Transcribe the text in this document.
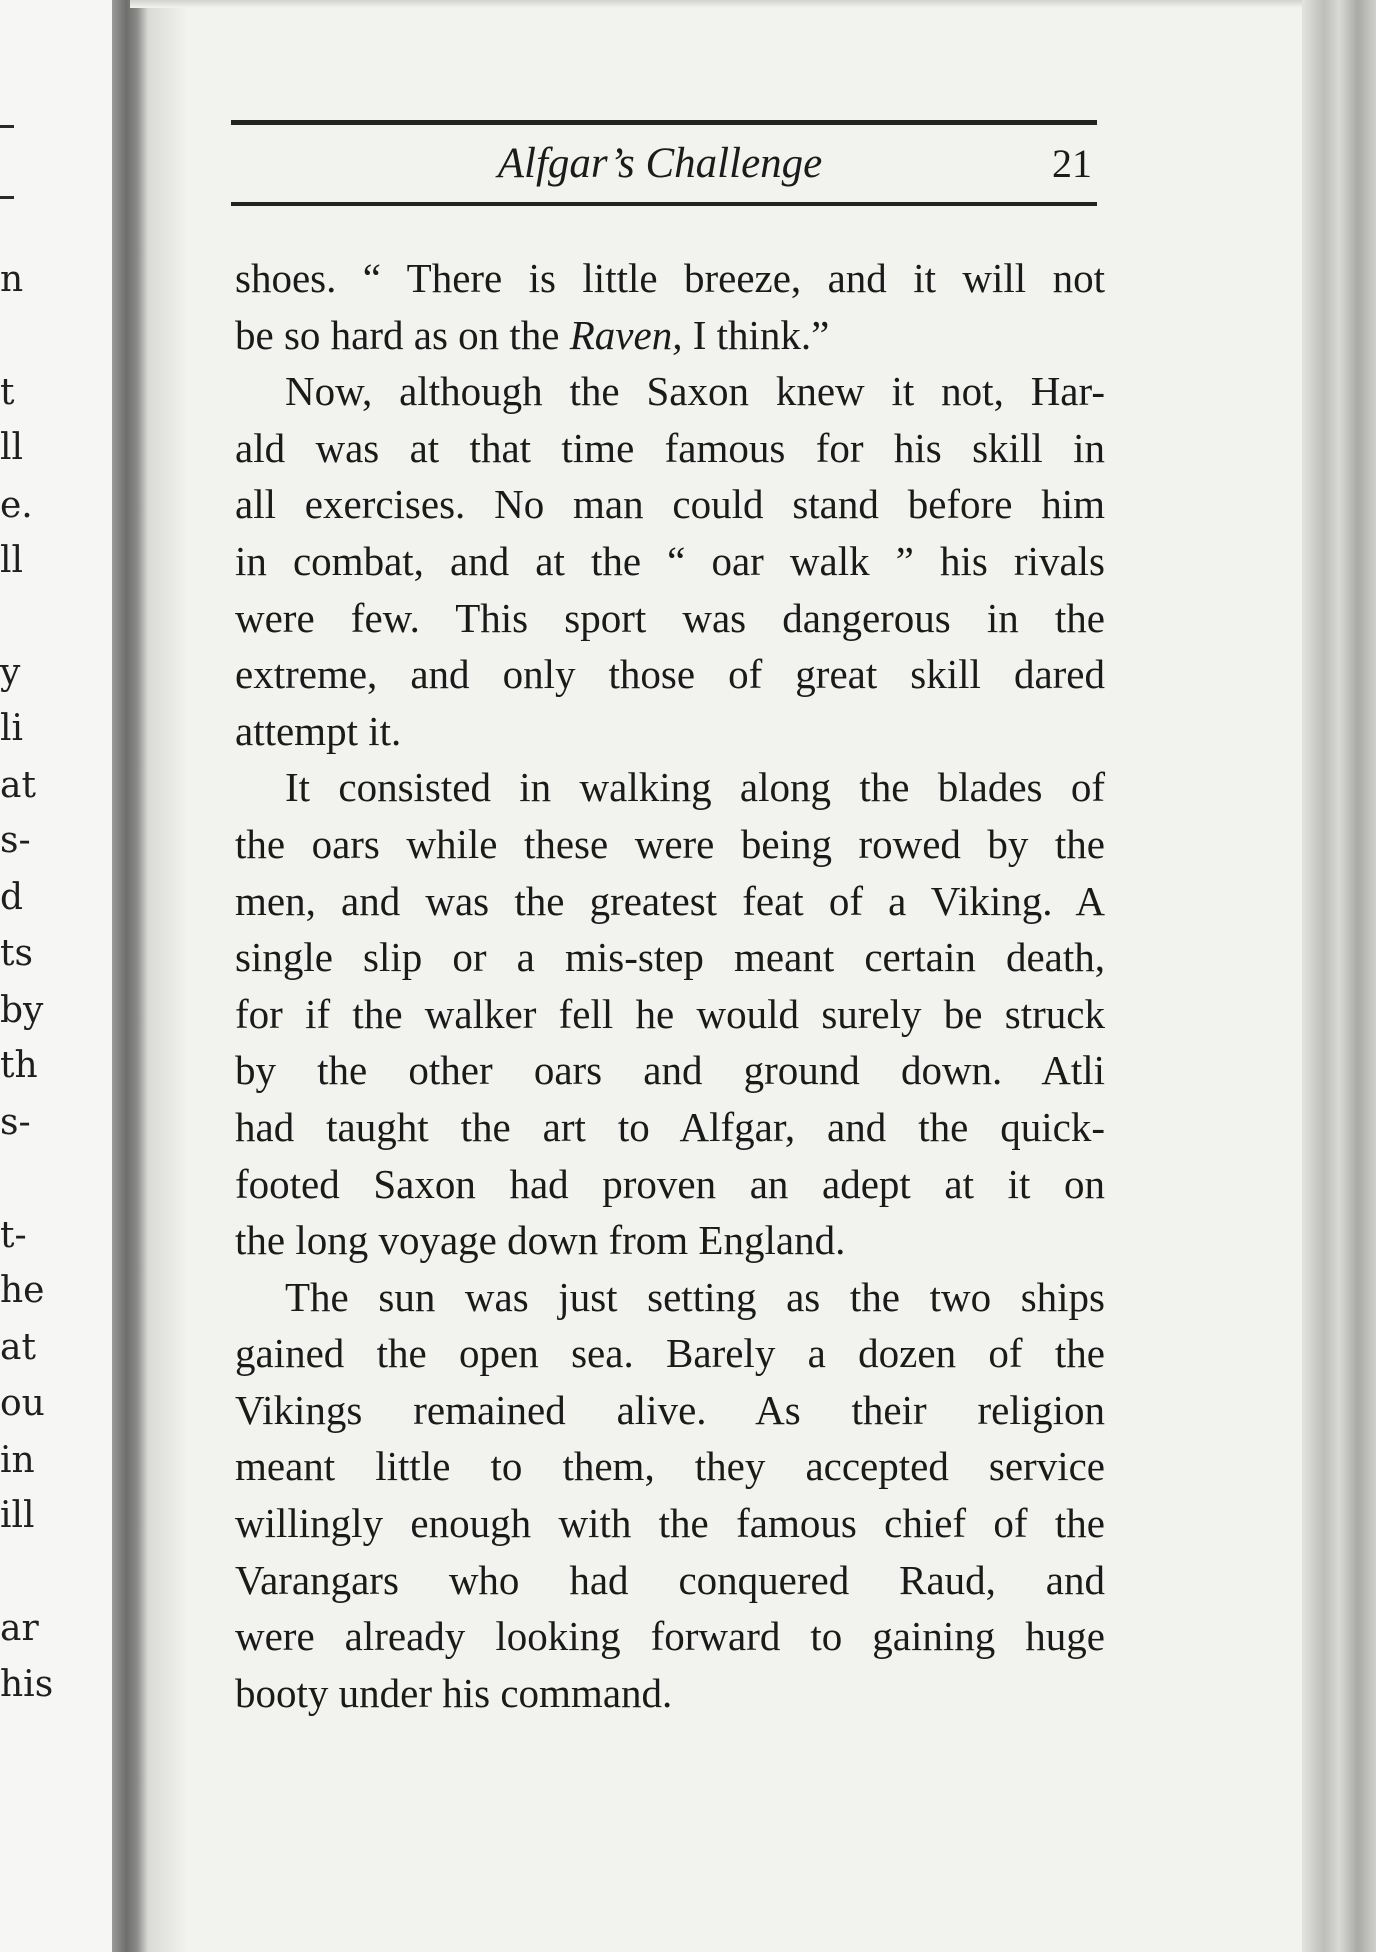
n
t
ll
e.
ll
y
li
at
s-
d
ts
by
th
s-
t-
he
at
ou
in
ill
ar
his
Alfgar’s Challenge	21

shoes. “ There is little breeze, and it will not
be so hard as on the Raven, I think.”

Now, although the Saxon knew it not, Har-
ald was at that time famous for his skill in
all exercises. No man could stand before him
in combat, and at the “ oar walk ” his rivals
were few. This sport was dangerous in the
extreme, and only those of great skill dared
attempt it.

It consisted in walking along the blades of
the oars while these were being rowed by the
men, and was the greatest feat of a Viking. A
single slip or a mis-step meant certain death,
for if the walker fell he would surely be struck
by the other oars and ground down. Atli
had taught the art to Alfgar, and the quick-
footed Saxon had proven an adept at it on
the long voyage down from England.

The sun was just setting as the two ships
gained the open sea. Barely a dozen of the
Vikings remained alive. As their religion
meant little to them, they accepted service
willingly enough with the famous chief of the
Varangars who had conquered Raud, and
were already looking forward to gaining huge
booty under his command.
